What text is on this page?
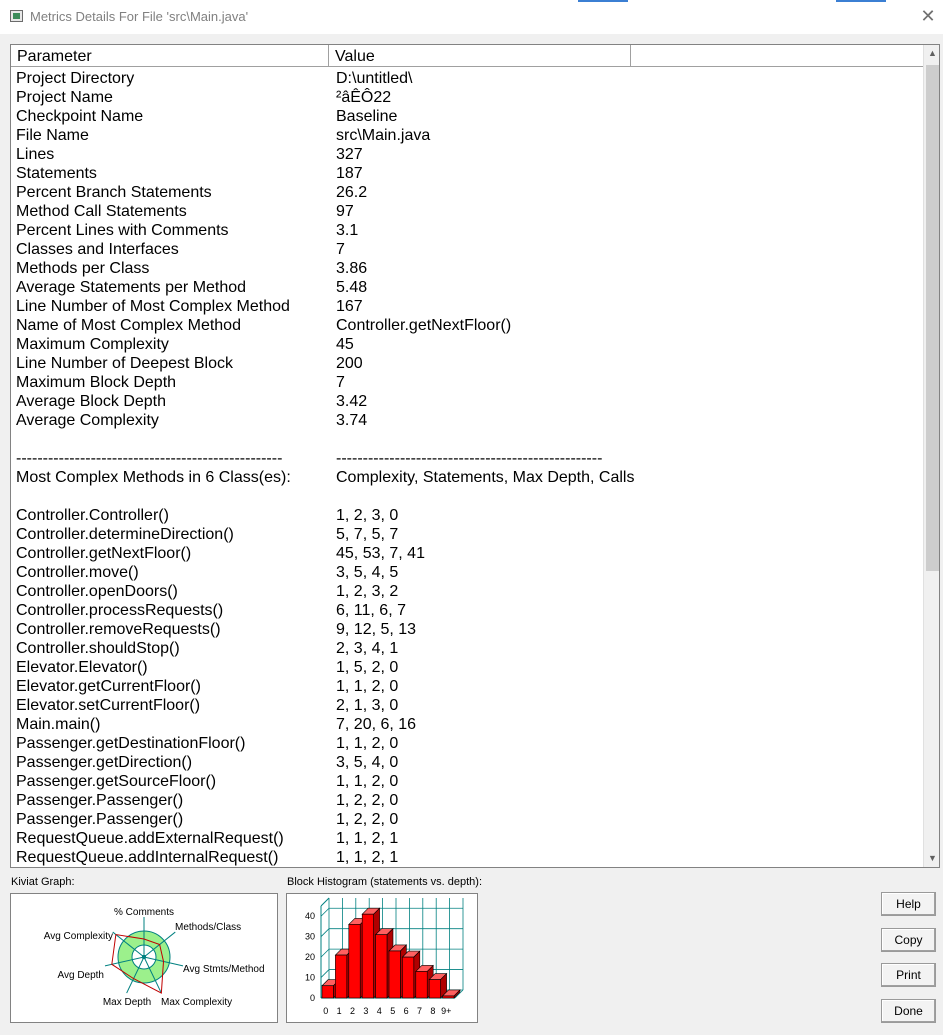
Metrics Details For File 'src\Main.java'	✕
Parameter	Value
Project Directory	D:\untitled\
Project Name	²âÊÔ22
Checkpoint Name	Baseline
File Name	src\Main.java
Lines	327
Statements	187
Percent Branch Statements	26.2
Method Call Statements	97
Percent Lines with Comments	3.1
Classes and Interfaces	7
Methods per Class	3.86
Average Statements per Method	5.48
Line Number of Most Complex Method	167
Name of Most Complex Method	Controller.getNextFloor()
Maximum Complexity	45
Line Number of Deepest Block	200
Maximum Block Depth	7
Average Block Depth	3.42
Average Complexity	3.74
--------------------------------------------------	--------------------------------------------------
Most Complex Methods in 6 Class(es):	Complexity, Statements, Max Depth, Calls
Controller.Controller()	1, 2, 3, 0
Controller.determineDirection()	5, 7, 5, 7
Controller.getNextFloor()	45, 53, 7, 41
Controller.move()	3, 5, 4, 5
Controller.openDoors()	1, 2, 3, 2
Controller.processRequests()	6, 11, 6, 7
Controller.removeRequests()	9, 12, 5, 13
Controller.shouldStop()	2, 3, 4, 1
Elevator.Elevator()	1, 5, 2, 0
Elevator.getCurrentFloor()	1, 1, 2, 0
Elevator.setCurrentFloor()	2, 1, 3, 0
Main.main()	7, 20, 6, 16
Passenger.getDestinationFloor()	1, 1, 2, 0
Passenger.getDirection()	3, 5, 4, 0
Passenger.getSourceFloor()	1, 1, 2, 0
Passenger.Passenger()	1, 2, 2, 0
Passenger.Passenger()	1, 2, 2, 0
RequestQueue.addExternalRequest()	1, 1, 2, 1
RequestQueue.addInternalRequest()	1, 1, 2, 1
▲
▼
Kiviat Graph:
% Comments
Methods/Class
Avg Stmts/Method
Max Complexity
Max Depth
Avg Depth
Avg Complexity
Block Histogram (statements vs. depth):
0
10
20
30
40
0 1 2 3 4 5 6 7 8 9+
Help
Copy
Print
Done
